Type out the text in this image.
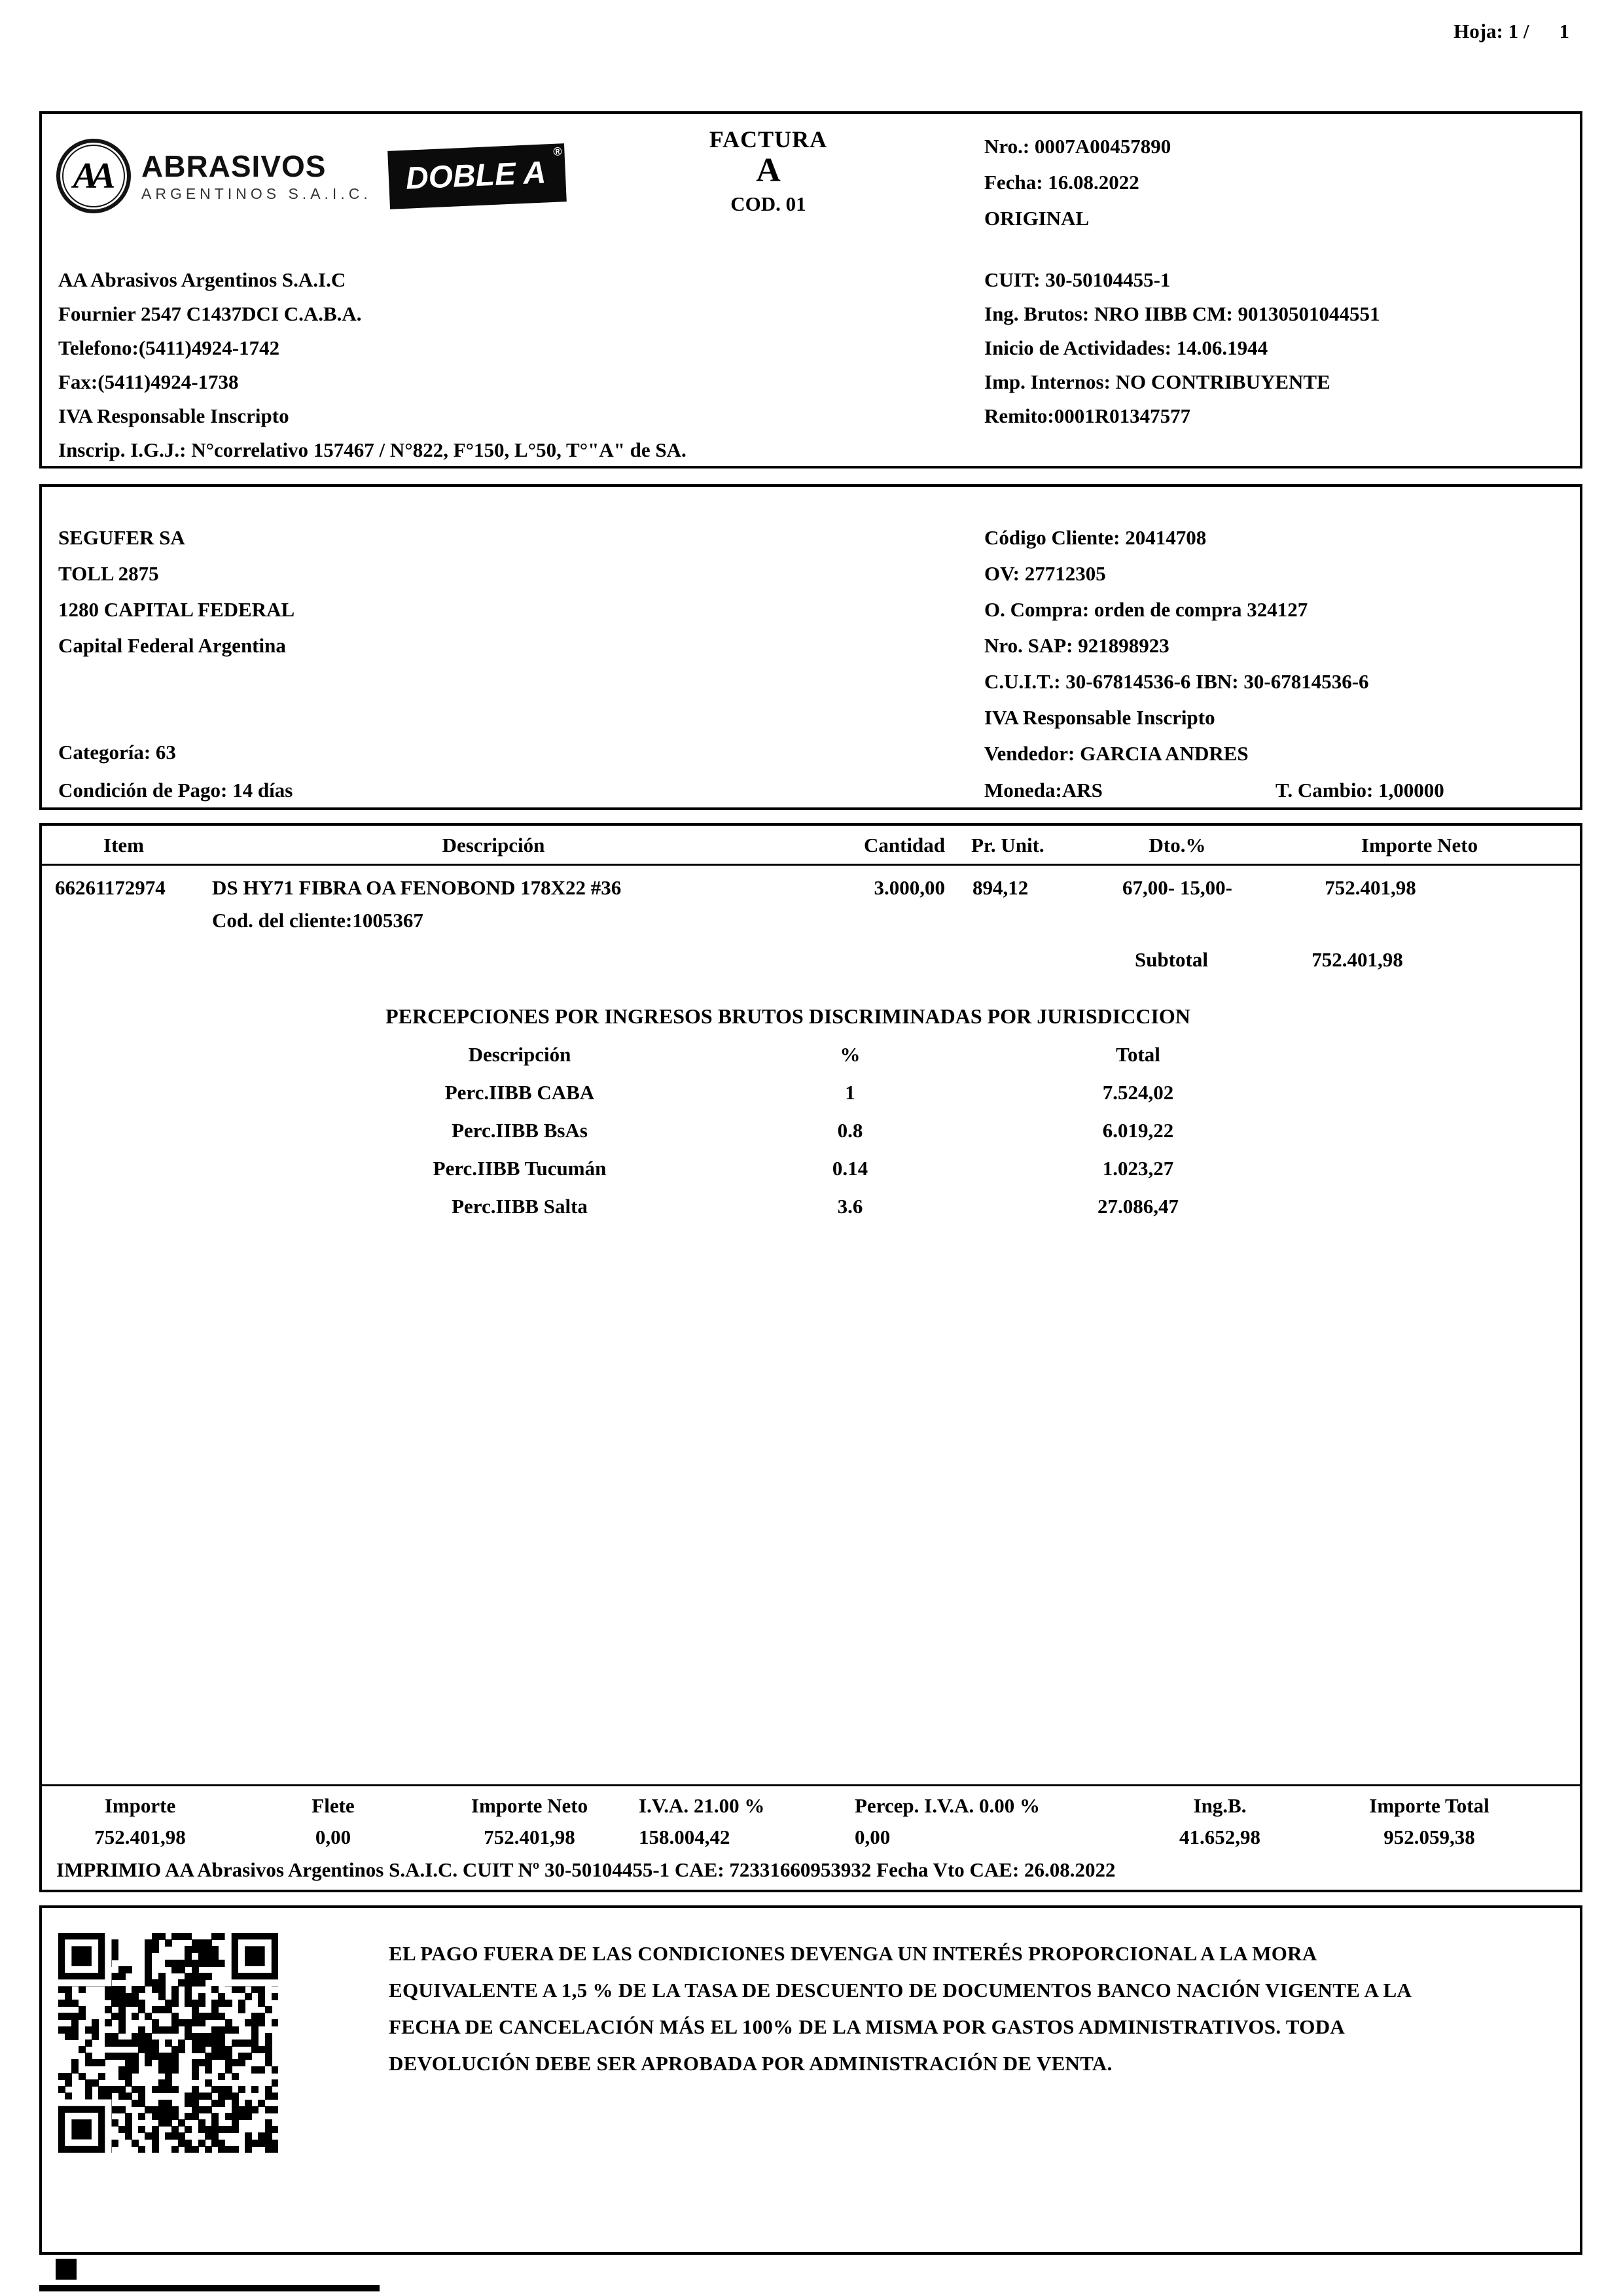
Hoja: 1 / 1
AA ABRASIVOS
ARGENTINOS S.A.I.C.	DOBLE A
®	FACTURA
A
COD. 01
Nro.: 0007A00457890
Fecha: 16.08.2022
ORIGINAL
AA Abrasivos Argentinos S.A.I.C
Fournier 2547 C1437DCI C.A.B.A.
Telefono:(5411)4924-1742
Fax:(5411)4924-1738
IVA Responsable Inscripto
Inscrip. I.G.J.: N°correlativo 157467 / N°822, F°150, L°50, T°"A" de SA.
CUIT: 30-50104455-1
Ing. Brutos: NRO IIBB CM: 90130501044551
Inicio de Actividades: 14.06.1944
Imp. Internos: NO CONTRIBUYENTE
Remito:0001R01347577
SEGUFER SA
TOLL 2875
1280 CAPITAL FEDERAL
Capital Federal Argentina
Código Cliente: 20414708
OV: 27712305
O. Compra: orden de compra 324127
Nro. SAP: 921898923
C.U.I.T.: 30-67814536-6 IBN: 30-67814536-6
IVA Responsable Inscripto
Vendedor: GARCIA ANDRES
Categoría: 63
Condición de Pago: 14 días	Moneda:ARS	T. Cambio: 1,00000
Item	Descripción	Cantidad	Pr. Unit.	Dto.%	Importe Neto
66261172974	DS HY71 FIBRA OA FENOBOND 178X22 #36	3.000,00	894,12	67,00- 15,00-	752.401,98
Cod. del cliente:1005367
Subtotal	752.401,98
PERCEPCIONES POR INGRESOS BRUTOS DISCRIMINADAS POR JURISDICCION
Descripción	%	Total
Perc.IIBB CABA	1	7.524,02
Perc.IIBB BsAs	0.8	6.019,22
Perc.IIBB Tucumán	0.14	1.023,27
Perc.IIBB Salta	3.6	27.086,47
Importe	Flete	Importe Neto	I.V.A. 21.00 %	Percep. I.V.A. 0.00 %	Ing.B.	Importe Total
752.401,98	0,00	752.401,98	158.004,42	0,00	41.652,98	952.059,38
IMPRIMIO AA Abrasivos Argentinos S.A.I.C. CUIT Nº 30-50104455-1 CAE: 72331660953932 Fecha Vto CAE: 26.08.2022
EL PAGO FUERA DE LAS CONDICIONES DEVENGA UN INTERÉS PROPORCIONAL A LA MORA
EQUIVALENTE A 1,5 % DE LA TASA DE DESCUENTO DE DOCUMENTOS BANCO NACIÓN VIGENTE A LA
FECHA DE CANCELACIÓN MÁS EL 100% DE LA MISMA POR GASTOS ADMINISTRATIVOS. TODA
DEVOLUCIÓN DEBE SER APROBADA POR ADMINISTRACIÓN DE VENTA.
